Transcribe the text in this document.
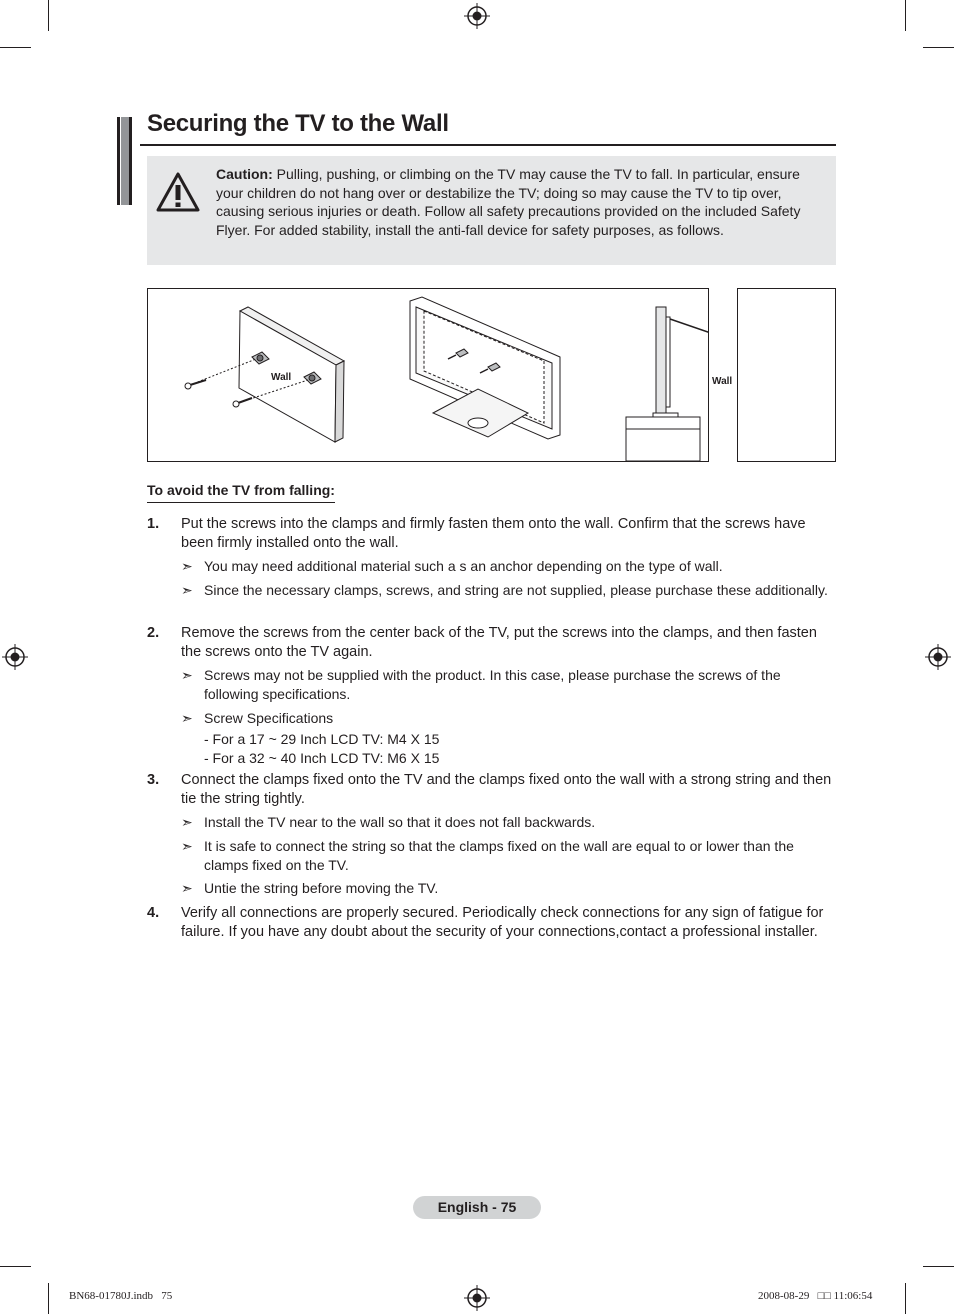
Securing the TV to the Wall
Caution: Pulling, pushing, or climbing on the TV may cause the TV to fall. In particular, ensure your children do not hang over or destabilize the TV; doing so may cause the TV to tip over, causing serious injuries or death. Follow all safety precautions provided on the included Safety Flyer. For added stability, install the anti-fall device for safety purposes, as follows.
Wall	Wall
To avoid the TV from falling:
1. Put the screws into the clamps and firmly fasten them onto the wall. Confirm that the screws have been firmly installed onto the wall.
➣ You may need additional material such a s an anchor depending on the type of wall.
➣ Since the necessary clamps, screws, and string are not supplied, please purchase these additionally.
2. Remove the screws from the center back of the TV, put the screws into the clamps, and then fasten the screws onto the TV again.
➣ Screws may not be supplied with the product. In this case, please purchase the screws of the following specifications.
➣ Screw Specifications
- For a 17 ~ 29 Inch LCD TV: M4 X 15
- For a 32 ~ 40 Inch LCD TV: M6 X 15
3. Connect the clamps fixed onto the TV and the clamps fixed onto the wall with a strong string and then tie the string tightly.
➣ Install the TV near to the wall so that it does not fall backwards.
➣ It is safe to connect the string so that the clamps fixed on the wall are equal to or lower than the clamps fixed on the TV.
➣ Untie the string before moving the TV.
4. Verify all connections are properly secured. Periodically check connections for any sign of fatigue for failure. If you have any doubt about the security of your connections,contact a professional installer.
English - 75
BN68-01780J.indb   75	2008-08-29   □□ 11:06:54
